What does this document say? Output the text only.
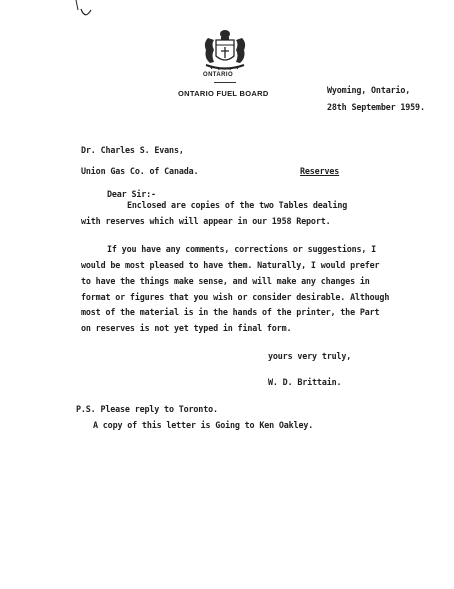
ONTARIO
ONTARIO FUEL BOARD	Wyoming, Ontario,
28th September 1959.
Dr. Charles S. Evans,
Union Gas Co. of Canada.	Reserves
Dear Sir:-
Enclosed are copies of the two Tables dealing
with reserves which will appear in our 1958 Report.
If you have any comments, corrections or suggestions, I
would be most pleased to have them. Naturally, I would prefer
to have the things make sense, and will make any changes in
format or figures that you wish or consider desirable. Although
most of the material is in the hands of the printer, the Part
on reserves is not yet typed in final form.
yours very truly,
W. D. Brittain.
P.S. Please reply to Toronto.
A copy of this letter is Going to Ken Oakley.
